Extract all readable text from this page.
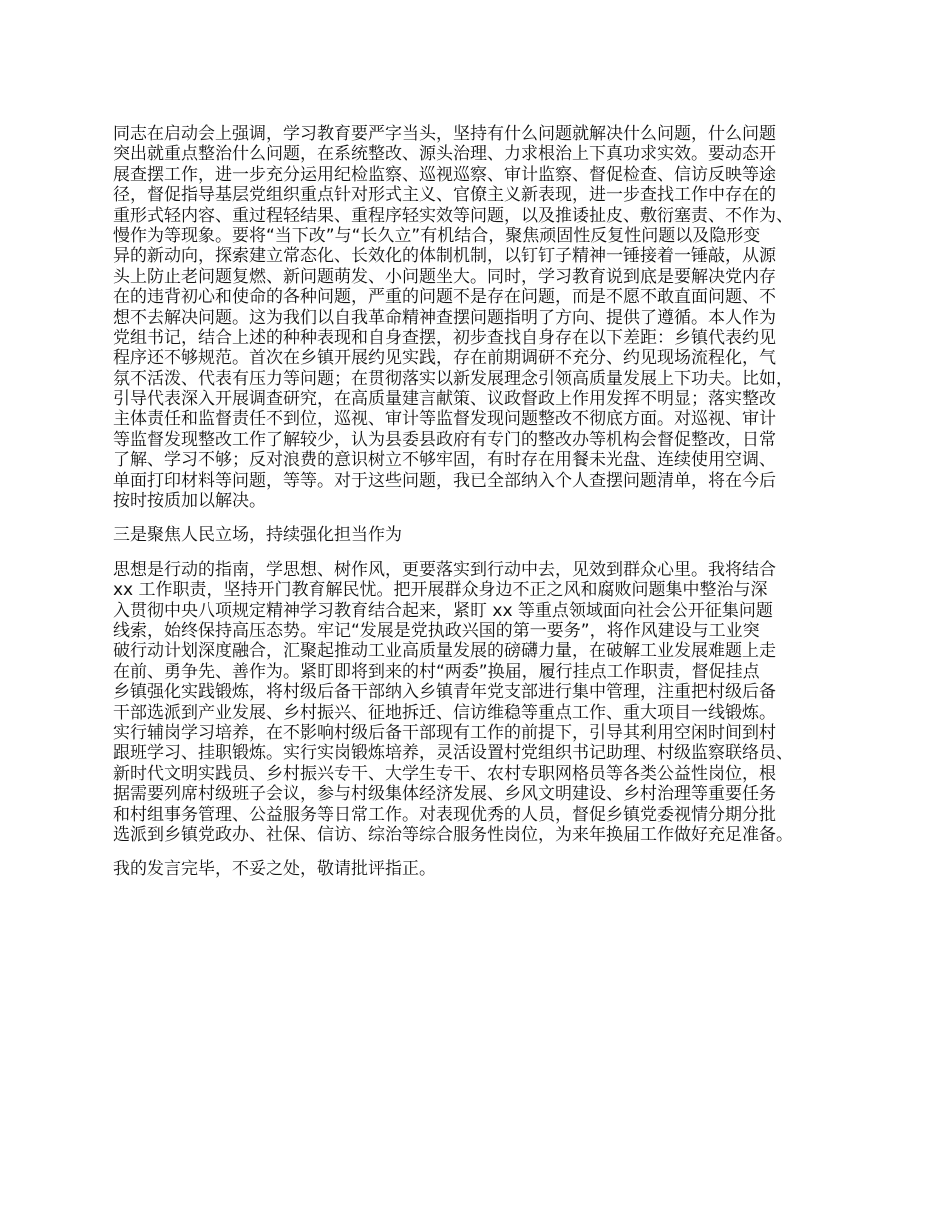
同志在启动会上强调，学习教育要严字当头，坚持有什么问题就解决什么问题，什么问题
突出就重点整治什么问题，在系统整改、源头治理、力求根治上下真功求实效。要动态开
展查摆工作，进一步充分运用纪检监察、巡视巡察、审计监察、督促检查、信访反映等途
径，督促指导基层党组织重点针对形式主义、官僚主义新表现，进一步查找工作中存在的
重形式轻内容、重过程轻结果、重程序轻实效等问题，以及推诿扯皮、敷衍塞责、不作为、
慢作为等现象。要将“当下改”与“长久立”有机结合，聚焦顽固性反复性问题以及隐形变
异的新动向，探索建立常态化、长效化的体制机制，以钉钉子精神一锤接着一锤敲，从源
头上防止老问题复燃、新问题萌发、小问题坐大。同时，学习教育说到底是要解决党内存
在的违背初心和使命的各种问题，严重的问题不是存在问题，而是不愿不敢直面问题、不
想不去解决问题。这为我们以自我革命精神查摆问题指明了方向、提供了遵循。本人作为
党组书记，结合上述的种种表现和自身查摆，初步查找自身存在以下差距：乡镇代表约见
程序还不够规范。首次在乡镇开展约见实践，存在前期调研不充分、约见现场流程化，气
氛不活泼、代表有压力等问题；在贯彻落实以新发展理念引领高质量发展上下功夫。比如，
引导代表深入开展调查研究，在高质量建言献策、议政督政上作用发挥不明显；落实整改
主体责任和监督责任不到位，巡视、审计等监督发现问题整改不彻底方面。对巡视、审计
等监督发现整改工作了解较少，认为县委县政府有专门的整改办等机构会督促整改，日常
了解、学习不够；反对浪费的意识树立不够牢固，有时存在用餐未光盘、连续使用空调、
单面打印材料等问题，等等。对于这些问题，我已全部纳入个人查摆问题清单，将在今后
按时按质加以解决。
三是聚焦人民立场，持续强化担当作为
思想是行动的指南，学思想、树作风，更要落实到行动中去，见效到群众心里。我将结合
xx 工作职责，坚持开门教育解民忧。把开展群众身边不正之风和腐败问题集中整治与深
入贯彻中央八项规定精神学习教育结合起来，紧盯 xx 等重点领域面向社会公开征集问题
线索，始终保持高压态势。牢记“发展是党执政兴国的第一要务”，将作风建设与工业突
破行动计划深度融合，汇聚起推动工业高质量发展的磅礴力量，在破解工业发展难题上走
在前、勇争先、善作为。紧盯即将到来的村“两委”换届，履行挂点工作职责，督促挂点
乡镇强化实践锻炼，将村级后备干部纳入乡镇青年党支部进行集中管理，注重把村级后备
干部选派到产业发展、乡村振兴、征地拆迁、信访维稳等重点工作、重大项目一线锻炼。
实行辅岗学习培养，在不影响村级后备干部现有工作的前提下，引导其利用空闲时间到村
跟班学习、挂职锻炼。实行实岗锻炼培养，灵活设置村党组织书记助理、村级监察联络员、
新时代文明实践员、乡村振兴专干、大学生专干、农村专职网格员等各类公益性岗位，根
据需要列席村级班子会议，参与村级集体经济发展、乡风文明建设、乡村治理等重要任务
和村组事务管理、公益服务等日常工作。对表现优秀的人员，督促乡镇党委视情分期分批
选派到乡镇党政办、社保、信访、综治等综合服务性岗位，为来年换届工作做好充足准备。
我的发言完毕，不妥之处，敬请批评指正。
